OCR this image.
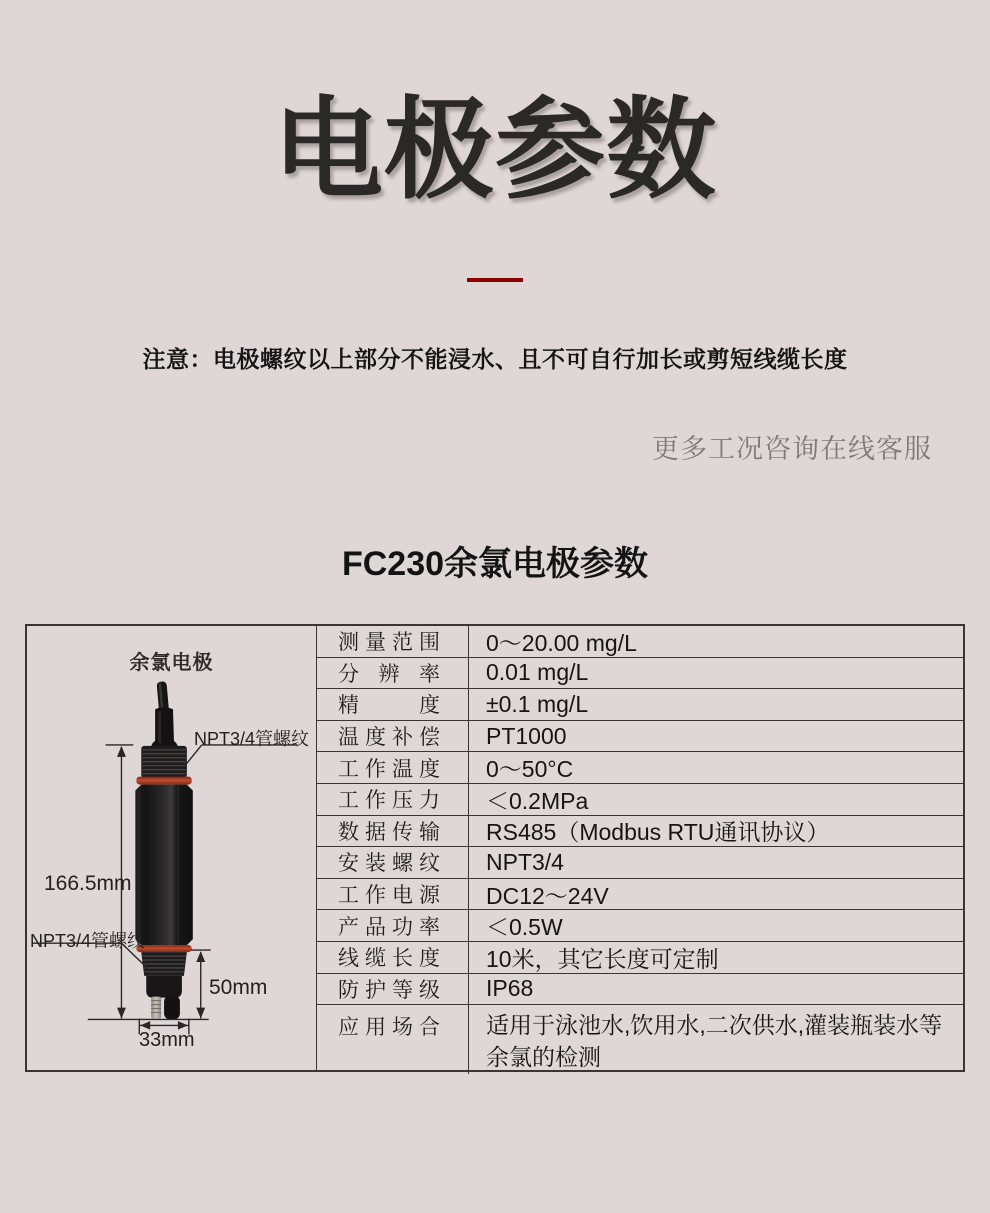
电极参数
注意：电极螺纹以上部分不能浸水、且不可自行加长或剪短线缆长度
更多工况咨询在线客服
FC230余氯电极参数
余氯电极
NPT3/4管螺纹
NPT3/4管螺纹
166.5mm
50mm
33mm
测量范围	0～20.00 mg/L
分辨率	0.01 mg/L
精度	±0.1 mg/L
温度补偿	PT1000
工作温度	0～50°C
工作压力	＜0.2MPa
数据传输	RS485（Modbus RTU通讯协议）
安装螺纹	NPT3/4
工作电源	DC12～24V
产品功率	＜0.5W
线缆长度	10米，其它长度可定制
防护等级	IP68
应用场合	适用于泳池水,饮用水,二次供水,灌装瓶装水等余氯的检测
